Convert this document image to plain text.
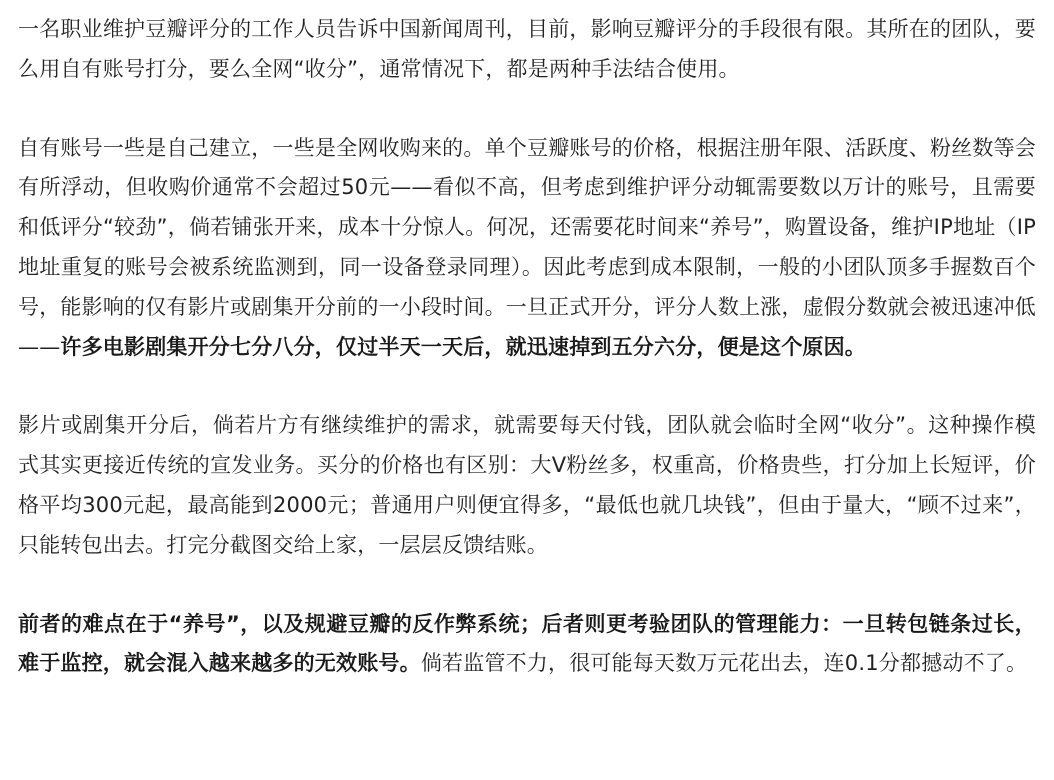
一名职业维护豆瓣评分的工作人员告诉中国新闻周刊，目前，影响豆瓣评分的手段很有限。其所在的团队，要么用自有账号打分，要么全网“收分”，通常情况下，都是两种手法结合使用。

自有账号一些是自己建立，一些是全网收购来的。单个豆瓣账号的价格，根据注册年限、活跃度、粉丝数等会有所浮动，但收购价通常不会超过50元——看似不高，但考虑到维护评分动辄需要数以万计的账号，且需要和低评分“较劲”，倘若铺张开来，成本十分惊人。何况，还需要花时间来“养号”，购置设备，维护IP地址（IP地址重复的账号会被系统监测到，同一设备登录同理）。因此考虑到成本限制，一般的小团队顶多手握数百个号，能影响的仅有影片或剧集开分前的一小段时间。一旦正式开分，评分人数上涨，虚假分数就会被迅速冲低——许多电影剧集开分七分八分，仅过半天一天后，就迅速掉到五分六分，便是这个原因。

影片或剧集开分后，倘若片方有继续维护的需求，就需要每天付钱，团队就会临时全网“收分”。这种操作模式其实更接近传统的宣发业务。买分的价格也有区别：大V粉丝多，权重高，价格贵些，打分加上长短评，价格平均300元起，最高能到2000元；普通用户则便宜得多，“最低也就几块钱”，但由于量大，“顾不过来”，只能转包出去。打完分截图交给上家，一层层反馈结账。

前者的难点在于“养号”，以及规避豆瓣的反作弊系统；后者则更考验团队的管理能力：一旦转包链条过长，难于监控，就会混入越来越多的无效账号。倘若监管不力，很可能每天数万元花出去，连0.1分都撼动不了。
